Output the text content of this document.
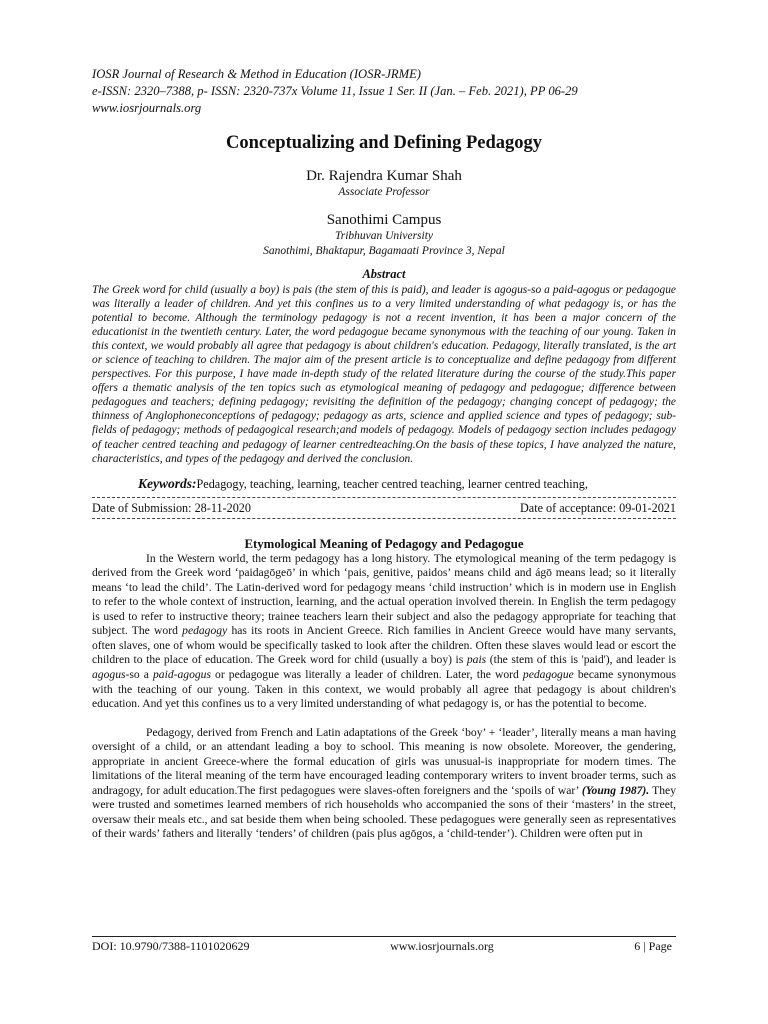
IOSR Journal of Research & Method in Education (IOSR-JRME)
e-ISSN: 2320–7388, p- ISSN: 2320-737x Volume 11, Issue 1 Ser. II (Jan. – Feb. 2021), PP 06-29
www.iosrjournals.org
Conceptualizing and Defining Pedagogy
Dr. Rajendra Kumar Shah
Associate Professor
Sanothimi Campus
Tribhuvan University
Sanothimi, Bhaktapur, Bagamaati Province 3, Nepal
Abstract
The Greek word for child (usually a boy) is pais (the stem of this is paid), and leader is agogus-so a paid-agogus or pedagogue was literally a leader of children. And yet this confines us to a very limited understanding of what pedagogy is, or has the potential to become. Although the terminology pedagogy is not a recent invention, it has been a major concern of the educationist in the twentieth century. Later, the word pedagogue became synonymous with the teaching of our young. Taken in this context, we would probably all agree that pedagogy is about children's education. Pedagogy, literally translated, is the art or science of teaching to children. The major aim of the present article is to conceptualize and define pedagogy from different perspectives. For this purpose, I have made in-depth study of the related literature during the course of the study.This paper offers a thematic analysis of the ten topics such as etymological meaning of pedagogy and pedagogue; difference between pedagogues and teachers; defining pedagogy; revisiting the definition of the pedagogy; changing concept of pedagogy; the thinness of Anglophoneconceptions of pedagogy; pedagogy as arts, science and applied science and types of pedagogy; sub-fields of pedagogy; methods of pedagogical research;and models of pedagogy. Models of pedagogy section includes pedagogy of teacher centred teaching and pedagogy of learner centredteaching.On the basis of these topics, I have analyzed the nature, characteristics, and types of the pedagogy and derived the conclusion.
Keywords:Pedagogy, teaching, learning, teacher centred teaching, learner centred teaching,
Date of Submission: 28-11-2020	Date of acceptance: 09-01-2021
Etymological Meaning of Pedagogy and Pedagogue

In the Western world, the term pedagogy has a long history. The etymological meaning of the term pedagogy is derived from the Greek word ‘paidagōgeō’ in which ‘pais, genitive, paidos’ means child and ágō means lead; so it literally means ‘to lead the child’. The Latin-derived word for pedagogy means ‘child instruction’ which is in modern use in English to refer to the whole context of instruction, learning, and the actual operation involved therein. In English the term pedagogy is used to refer to instructive theory; trainee teachers learn their subject and also the pedagogy appropriate for teaching that subject. The word pedagogy has its roots in Ancient Greece. Rich families in Ancient Greece would have many servants, often slaves, one of whom would be specifically tasked to look after the children. Often these slaves would lead or escort the children to the place of education. The Greek word for child (usually a boy) is pais (the stem of this is 'paid'), and leader is agogus-so a paid-agogus or pedagogue was literally a leader of children. Later, the word pedagogue became synonymous with the teaching of our young. Taken in this context, we would probably all agree that pedagogy is about children's education. And yet this confines us to a very limited understanding of what pedagogy is, or has the potential to become.

Pedagogy, derived from French and Latin adaptations of the Greek ‘boy’ + ‘leader’, literally means a man having oversight of a child, or an attendant leading a boy to school. This meaning is now obsolete. Moreover, the gendering, appropriate in ancient Greece-where the formal education of girls was unusual-is inappropriate for modern times. The limitations of the literal meaning of the term have encouraged leading contemporary writers to invent broader terms, such as andragogy, for adult education.The first pedagogues were slaves-often foreigners and the ‘spoils of war’ (Young 1987). They were trusted and sometimes learned members of rich households who accompanied the sons of their ‘masters’ in the street, oversaw their meals etc., and sat beside them when being schooled. These pedagogues were generally seen as representatives of their wards’ fathers and literally ‘tenders’ of children (pais plus agōgos, a ‘child-tender’). Children were often put in

DOI: 10.9790/7388-1101020629	www.iosrjournals.org	6 | Page
